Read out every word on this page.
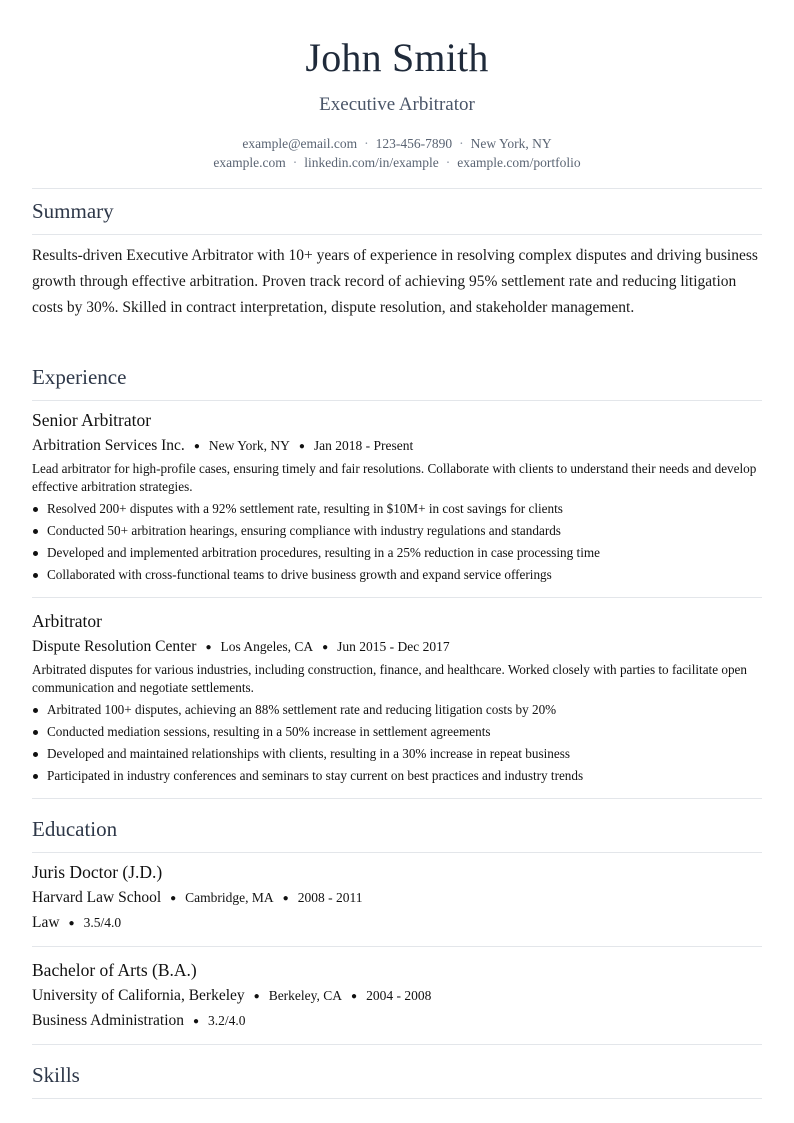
John Smith
Executive Arbitrator
example@email.com · 123-456-7890 · New York, NY
example.com · linkedin.com/in/example · example.com/portfolio
Summary
Results-driven Executive Arbitrator with 10+ years of experience in resolving complex disputes and driving business growth through effective arbitration. Proven track record of achieving 95% settlement rate and reducing litigation costs by 30%. Skilled in contract interpretation, dispute resolution, and stakeholder management.
Experience
Senior Arbitrator
Arbitration Services Inc. ● New York, NY ● Jan 2018 - Present
Lead arbitrator for high-profile cases, ensuring timely and fair resolutions. Collaborate with clients to understand their needs and develop effective arbitration strategies.
Resolved 200+ disputes with a 92% settlement rate, resulting in $10M+ in cost savings for clients
Conducted 50+ arbitration hearings, ensuring compliance with industry regulations and standards
Developed and implemented arbitration procedures, resulting in a 25% reduction in case processing time
Collaborated with cross-functional teams to drive business growth and expand service offerings
Arbitrator
Dispute Resolution Center ● Los Angeles, CA ● Jun 2015 - Dec 2017
Arbitrated disputes for various industries, including construction, finance, and healthcare. Worked closely with parties to facilitate open communication and negotiate settlements.
Arbitrated 100+ disputes, achieving an 88% settlement rate and reducing litigation costs by 20%
Conducted mediation sessions, resulting in a 50% increase in settlement agreements
Developed and maintained relationships with clients, resulting in a 30% increase in repeat business
Participated in industry conferences and seminars to stay current on best practices and industry trends
Education
Juris Doctor (J.D.)
Harvard Law School ● Cambridge, MA ● 2008 - 2011
Law ● 3.5/4.0
Bachelor of Arts (B.A.)
University of California, Berkeley ● Berkeley, CA ● 2004 - 2008
Business Administration ● 3.2/4.0
Skills
